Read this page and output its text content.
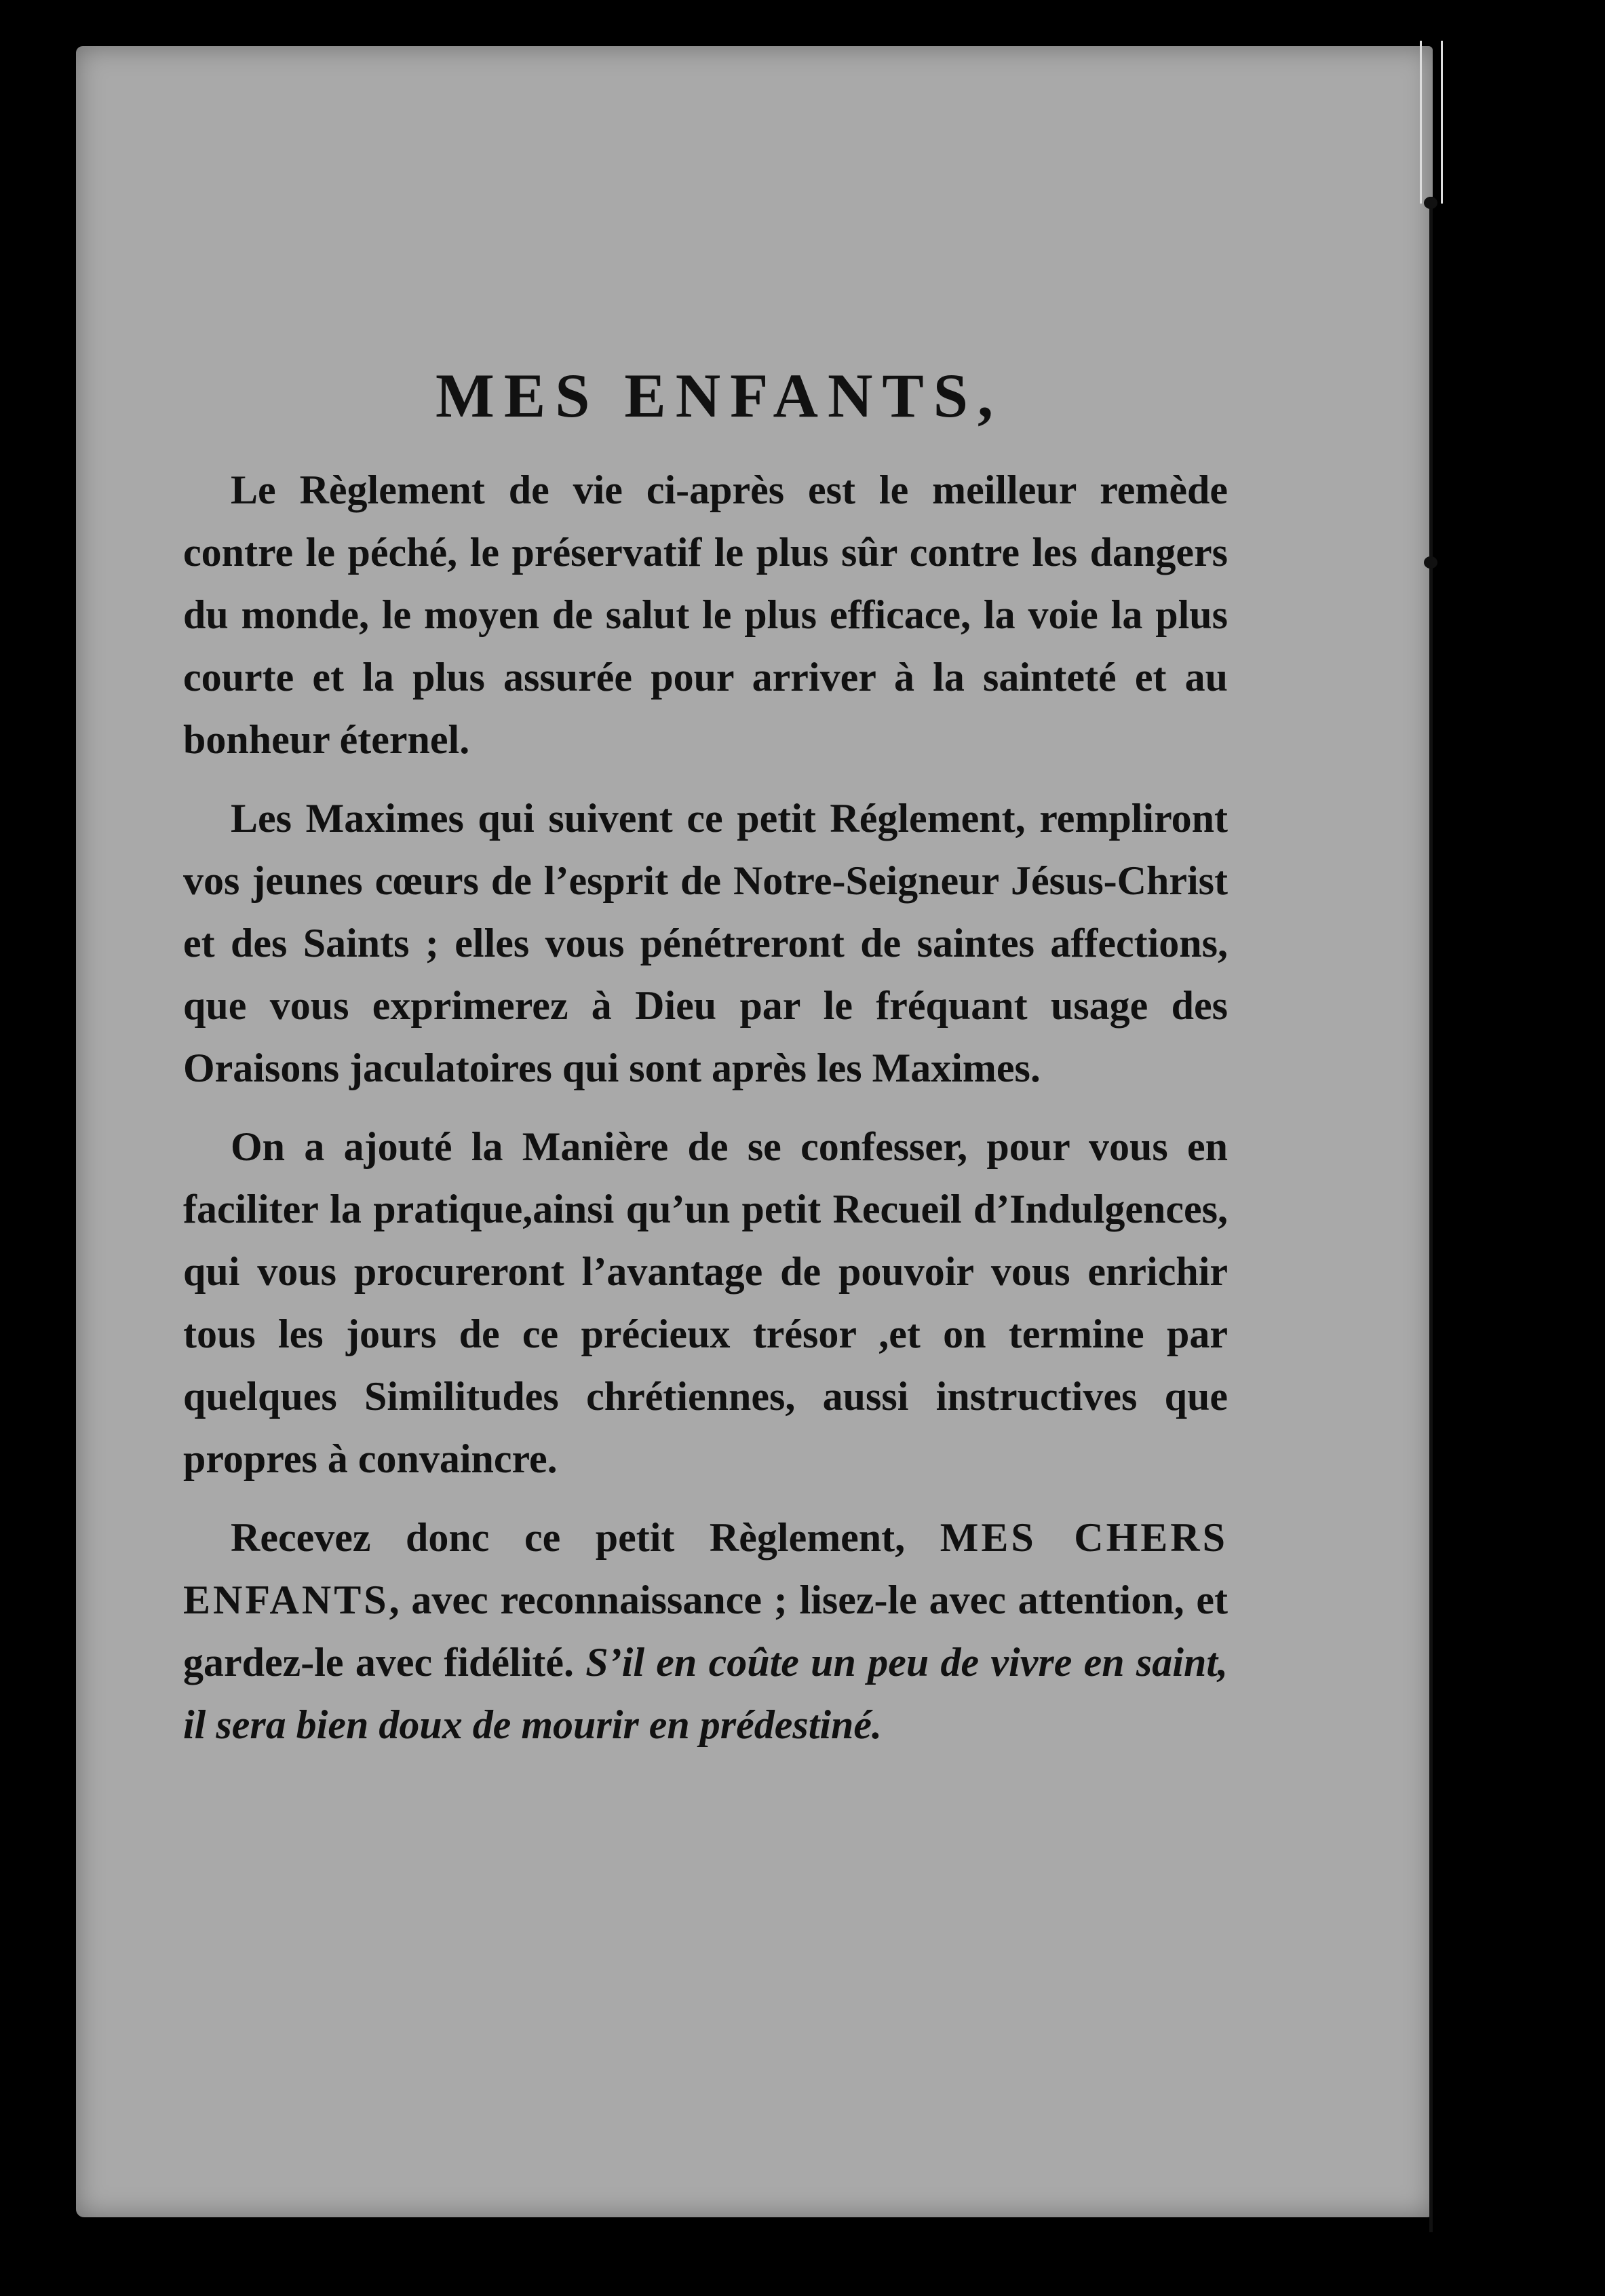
MES ENFANTS,

Le Règlement de vie ci-après est le meilleur remède contre le péché, le préservatif le plus sûr contre les dangers du monde, le moyen de salut le plus efficace, la voie la plus courte et la plus assurée pour arriver à la sainteté et au bonheur éternel.

Les Maximes qui suivent ce petit Réglement, rempliront vos jeunes cœurs de l’esprit de Notre-Seigneur Jésus-Christ et des Saints ; elles vous pénétreront de saintes affections, que vous exprimerez à Dieu par le fréquant usage des Oraisons jaculatoires qui sont après les Maximes.

On a ajouté la Manière de se confesser, pour vous en faciliter la pratique,ainsi qu’un petit Recueil d’Indulgences, qui vous procureront l’avantage de pouvoir vous enrichir tous les jours de ce précieux trésor ,et on termine par quelques Similitudes chrétiennes, aussi instructives que propres à convaincre.

Recevez donc ce petit Règlement, MES CHERS ENFANTS, avec reconnaissance ; lisez-le avec attention, et gardez-le avec fidélité. S’il en coûte un peu de vivre en saint, il sera bien doux de mourir en prédestiné.
